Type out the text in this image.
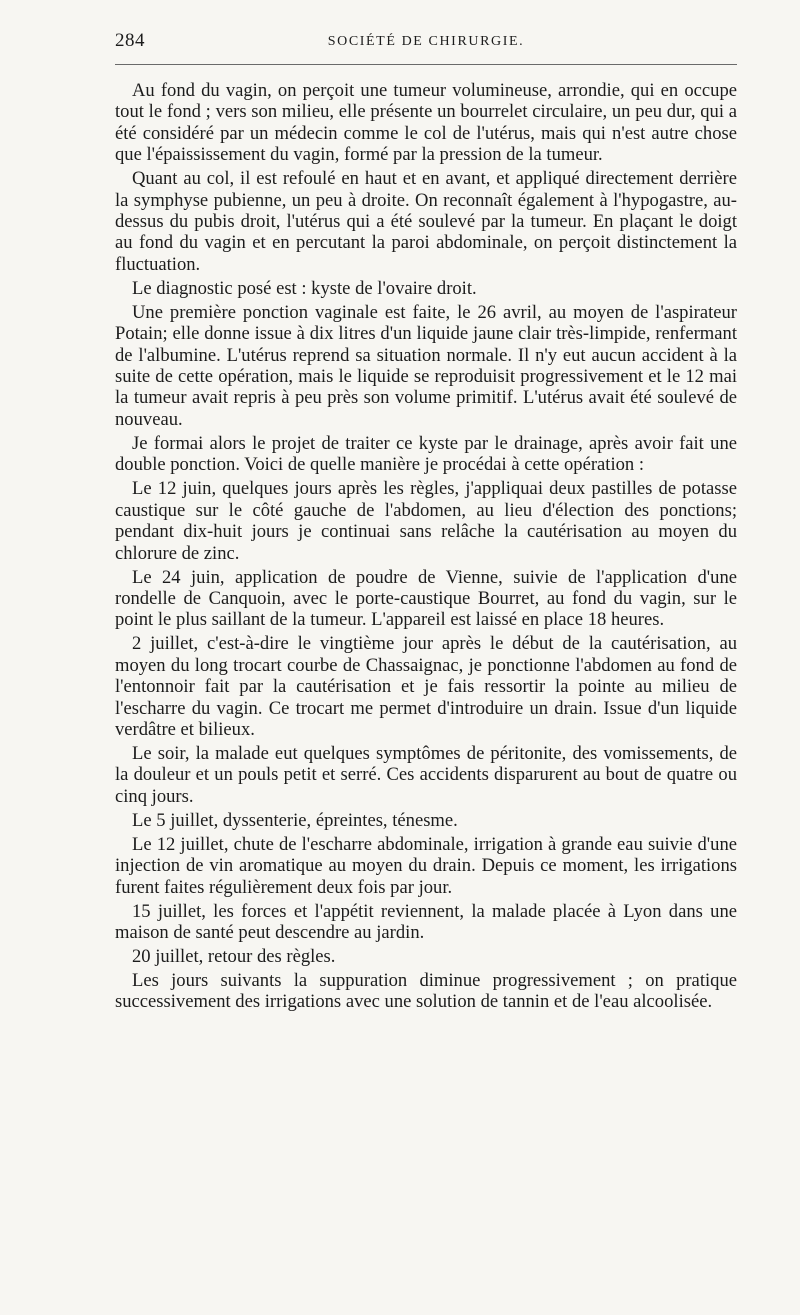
284	SOCIÉTÉ DE CHIRURGIE.

Au fond du vagin, on perçoit une tumeur volumineuse, arrondie, qui en occupe tout le fond ; vers son milieu, elle présente un bourrelet circulaire, un peu dur, qui a été considéré par un médecin comme le col de l'utérus, mais qui n'est autre chose que l'épaississement du vagin, formé par la pression de la tumeur.

Quant au col, il est refoulé en haut et en avant, et appliqué directement derrière la symphyse pubienne, un peu à droite. On reconnaît également à l'hypogastre, au-dessus du pubis droit, l'utérus qui a été soulevé par la tumeur. En plaçant le doigt au fond du vagin et en percutant la paroi abdominale, on perçoit distinctement la fluctuation.

Le diagnostic posé est : kyste de l'ovaire droit.

Une première ponction vaginale est faite, le 26 avril, au moyen de l'aspirateur Potain; elle donne issue à dix litres d'un liquide jaune clair très-limpide, renfermant de l'albumine. L'utérus reprend sa situation normale. Il n'y eut aucun accident à la suite de cette opération, mais le liquide se reproduisit progressivement et le 12 mai la tumeur avait repris à peu près son volume primitif. L'utérus avait été soulevé de nouveau.

Je formai alors le projet de traiter ce kyste par le drainage, après avoir fait une double ponction. Voici de quelle manière je procédai à cette opération :

Le 12 juin, quelques jours après les règles, j'appliquai deux pastilles de potasse caustique sur le côté gauche de l'abdomen, au lieu d'élection des ponctions; pendant dix-huit jours je continuai sans relâche la cautérisation au moyen du chlorure de zinc.

Le 24 juin, application de poudre de Vienne, suivie de l'application d'une rondelle de Canquoin, avec le porte-caustique Bourret, au fond du vagin, sur le point le plus saillant de la tumeur. L'appareil est laissé en place 18 heures.

2 juillet, c'est-à-dire le vingtième jour après le début de la cautérisation, au moyen du long trocart courbe de Chassaignac, je ponctionne l'abdomen au fond de l'entonnoir fait par la cautérisation et je fais ressortir la pointe au milieu de l'escharre du vagin. Ce trocart me permet d'introduire un drain. Issue d'un liquide verdâtre et bilieux.

Le soir, la malade eut quelques symptômes de péritonite, des vomissements, de la douleur et un pouls petit et serré. Ces accidents disparurent au bout de quatre ou cinq jours.

Le 5 juillet, dyssenterie, épreintes, ténesme.

Le 12 juillet, chute de l'escharre abdominale, irrigation à grande eau suivie d'une injection de vin aromatique au moyen du drain. Depuis ce moment, les irrigations furent faites régulièrement deux fois par jour.

15 juillet, les forces et l'appétit reviennent, la malade placée à Lyon dans une maison de santé peut descendre au jardin.

20 juillet, retour des règles.

Les jours suivants la suppuration diminue progressivement ; on pratique successivement des irrigations avec une solution de tannin et de l'eau alcoolisée.
